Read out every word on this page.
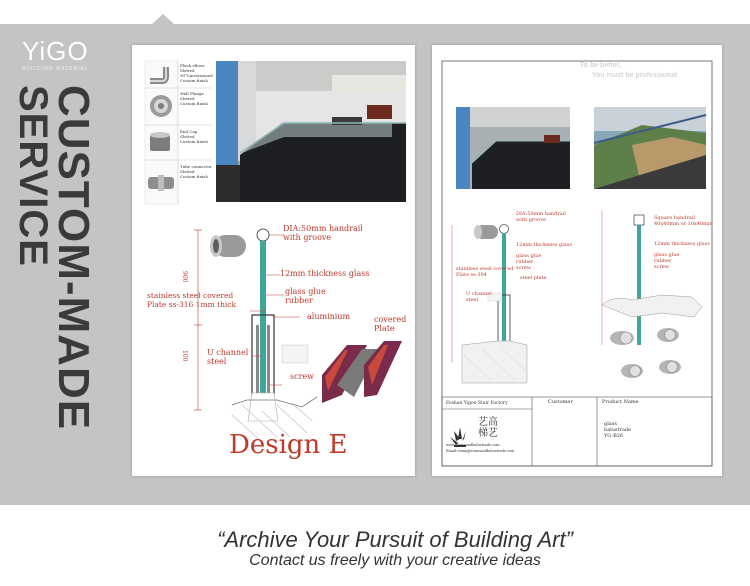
YiGO
BUILDING MATERIAL
CUSTOM-MADE
SERVICE	DIA:50mm handrail
with groove
12mm thickness glass
glass glue
rubber
stainless steel covered
Plate ss-316 1mm thick
aluminium	covered
Plate
U channel
steel
screw
900
100
Design E
Flush elbow
Slotted
90°Linestrained
Custom finish
Wall Flange
Slotted
Custom finish
End Cap
Slotted
Custom finish
Tube connector
Slotted
Custom finish
To be better,
You must be professional
DIA:50mm handrail
with groove
12mm thickness glass
glass glue
rubber
screw
stainless steel covered
Plate ss-304
U channel
steel
steel plate
Square handrail
40x40mm or 10x40mm
12mm thickness glass
glass glue
rubber
screw
Foshan Yigoo Stair Factory	Customer	Product Name
glass
balustrade
YG-B26
艺高
梯艺
www.stairsandbalustrade.com
Email:china@stairsandbalustrade.com
“Archive Your Pursuit of Building Art”
Contact us freely with your creative ideas
